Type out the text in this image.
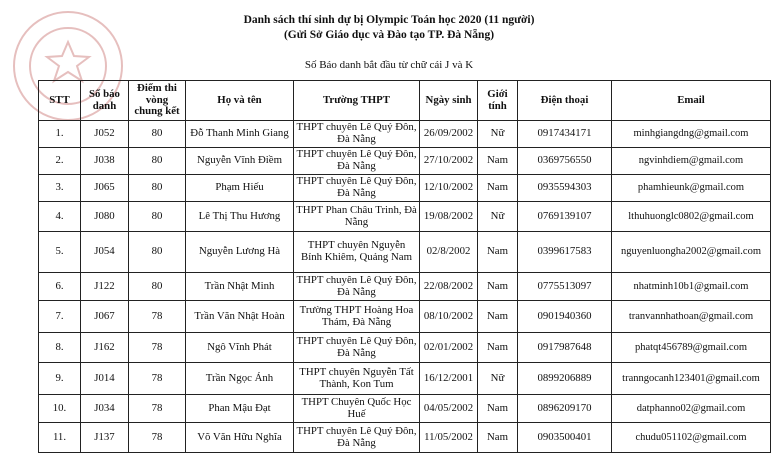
Danh sách thí sinh dự bị Olympic Toán học 2020 (11 người)

(Gửi Sở Giáo dục và Đào tạo TP. Đà Nẵng)

Số Báo danh bắt đầu từ chữ cái J và K

STT	Số báo danh	Điểm thi vòng chung kết	Họ và tên	Trường THPT	Ngày sinh	Giới tính	Điện thoại	Email
1.	J052	80	Đỗ Thanh Minh Giang	THPT chuyên Lê Quý Đôn, Đà Nẵng	26/09/2002	Nữ	0917434171	minhgiangdng@gmail.com
2.	J038	80	Nguyễn Vĩnh Điềm	THPT chuyên Lê Quý Đôn, Đà Nẵng	27/10/2002	Nam	0369756550	ngvinhdiem@gmail.com
3.	J065	80	Phạm Hiếu	THPT chuyên Lê Quý Đôn, Đà Nẵng	12/10/2002	Nam	0935594303	phamhieunk@gmail.com
4.	J080	80	Lê Thị Thu Hương	THPT Phan Châu Trinh, Đà Nẵng	19/08/2002	Nữ	0769139107	lthuhuonglc0802@gmail.com
5.	J054	80	Nguyễn Lương Hà	THPT chuyên Nguyễn Bỉnh Khiêm, Quảng Nam	02/8/2002	Nam	0399617583	nguyenluongha2002@gmail.com
6.	J122	80	Trần Nhật Minh	THPT chuyên Lê Quý Đôn, Đà Nẵng	22/08/2002	Nam	0775513097	nhatminh10b1@gmail.com
7.	J067	78	Trần Văn Nhật Hoàn	Trường THPT Hoàng Hoa Thám, Đà Nẵng	08/10/2002	Nam	0901940360	tranvannhathoan@gmail.com
8.	J162	78	Ngô Vĩnh Phát	THPT chuyên Lê Quý Đôn, Đà Nẵng	02/01/2002	Nam	0917987648	phatqt456789@gmail.com
9.	J014	78	Trần Ngọc Ánh	THPT chuyên Nguyễn Tất Thành, Kon Tum	16/12/2001	Nữ	0899206889	tranngocanh123401@gmail.com
10.	J034	78	Phan Mậu Đạt	THPT Chuyên Quốc Học Huế	04/05/2002	Nam	0896209170	datphanno02@gmail.com
11.	J137	78	Võ Văn Hữu Nghĩa	THPT chuyên Lê Quý Đôn, Đà Nẵng	11/05/2002	Nam	0903500401	chudu051102@gmail.com
